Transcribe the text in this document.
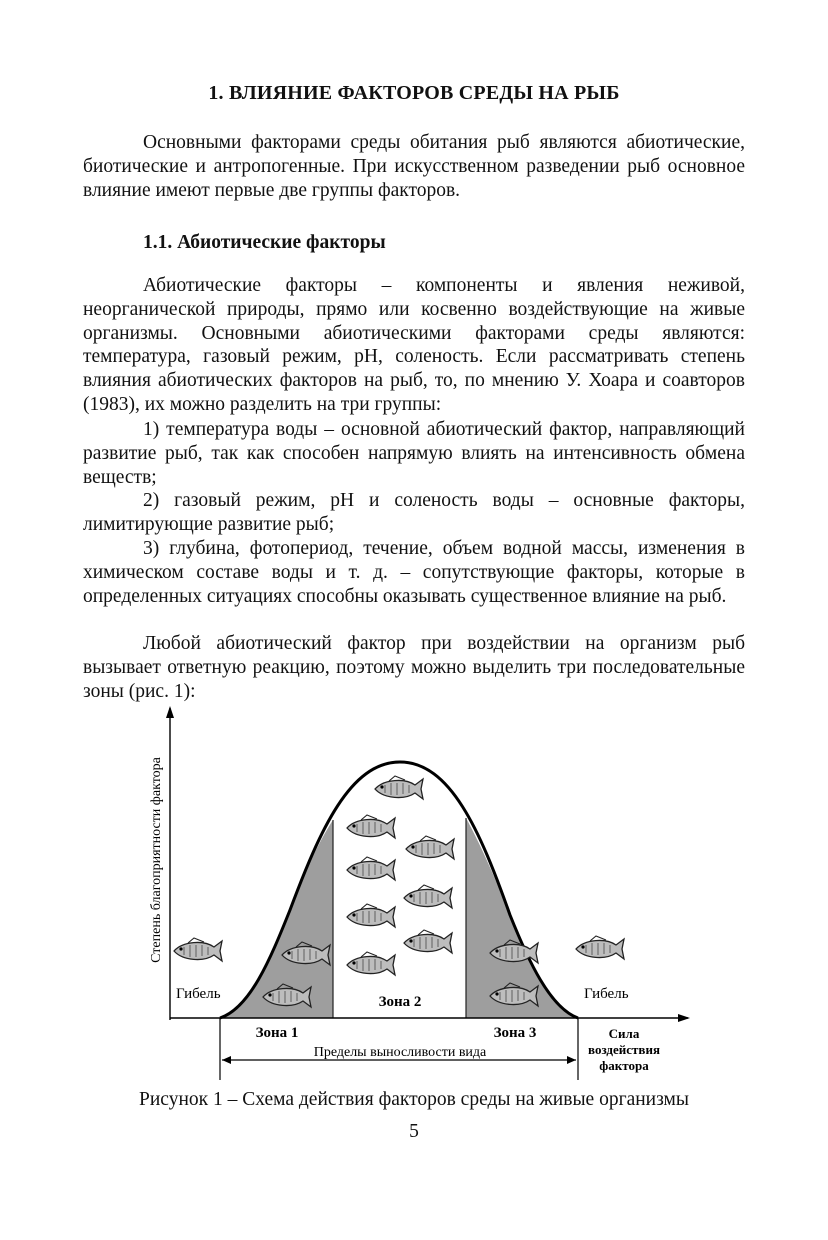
1. ВЛИЯНИЕ ФАКТОРОВ СРЕДЫ НА РЫБ

Основными факторами среды обитания рыб являются абиотические, биотические и антропогенные. При искусственном разведении рыб основное влияние имеют первые две группы факторов.

1.1. Абиотические факторы

Абиотические факторы – компоненты и явления неживой, неорганической природы, прямо или косвенно воздействующие на живые организмы. Основными абиотическими факторами среды являются: температура, газовый режим, pH, соленость. Если рассматривать степень влияния абиотических факторов на рыб, то, по мнению У. Хоара и соавторов (1983), их можно разделить на три группы:

1) температура воды – основной абиотический фактор, направляющий развитие рыб, так как способен напрямую влиять на интенсивность обмена веществ;

2) газовый режим, pH и соленость воды – основные факторы, лимитирующие развитие рыб;

3) глубина, фотопериод, течение, объем водной массы, изменения в химическом составе воды и т. д. – сопутствующие факторы, которые в определенных ситуациях способны оказывать существенное влияние на рыб.

Любой абиотический фактор при воздействии на организм рыб вызывает ответную реакцию, поэтому можно выделить три последовательные зоны (рис. 1):

Степень благоприятности фактора
Гибель	Гибель
Зона 2
Зона 1	Зона 3
Пределы выносливости вида
Сила
воздействия
фактора
Рисунок 1 – Схема действия факторов среды на живые организмы
5
